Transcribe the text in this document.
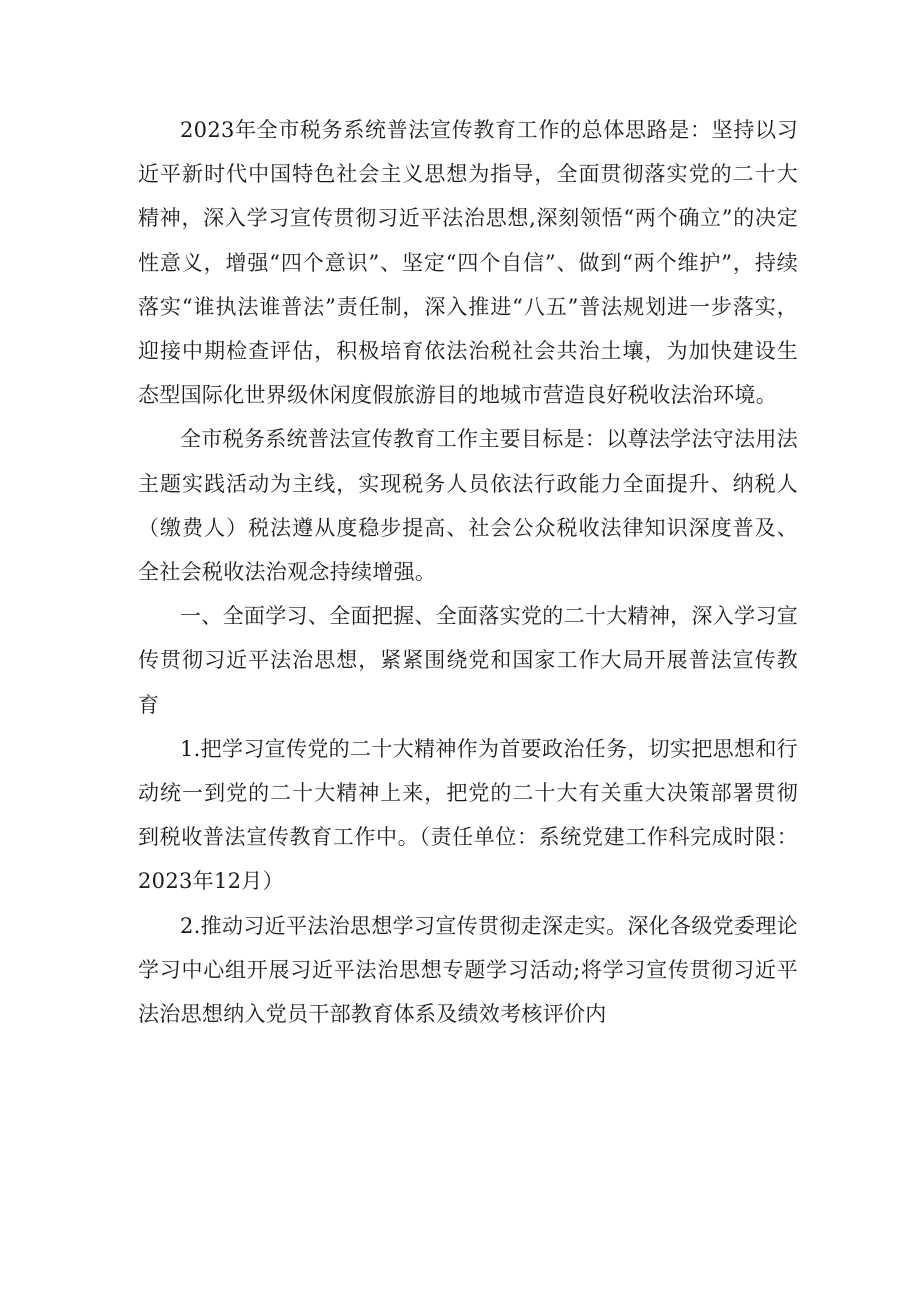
2023年全市税务系统普法宣传教育工作的总体思路是：坚持以习近平新时代中国特色社会主义思想为指导，全面贯彻落实党的二十大精神，深入学习宣传贯彻习近平法治思想,深刻领悟“两个确立”的决定性意义，增强“四个意识”、坚定“四个自信”、做到“两个维护”，持续落实“谁执法谁普法”责任制，深入推进“八五”普法规划进一步落实，迎接中期检查评估，积极培育依法治税社会共治土壤，为加快建设生态型国际化世界级休闲度假旅游目的地城市营造良好税收法治环境。

全市税务系统普法宣传教育工作主要目标是：以尊法学法守法用法主题实践活动为主线，实现税务人员依法行政能力全面提升、纳税人（缴费人）税法遵从度稳步提高、社会公众税收法律知识深度普及、全社会税收法治观念持续增强。

一、全面学习、全面把握、全面落实党的二十大精神，深入学习宣传贯彻习近平法治思想，紧紧围绕党和国家工作大局开展普法宣传教育

1.把学习宣传党的二十大精神作为首要政治任务，切实把思想和行动统一到党的二十大精神上来，把党的二十大有关重大决策部署贯彻到税收普法宣传教育工作中。（责任单位：系统党建工作科完成时限：2023年12月）

2.推动习近平法治思想学习宣传贯彻走深走实。深化各级党委理论学习中心组开展习近平法治思想专题学习活动;将学习宣传贯彻习近平法治思想纳入党员干部教育体系及绩效考核评价内
